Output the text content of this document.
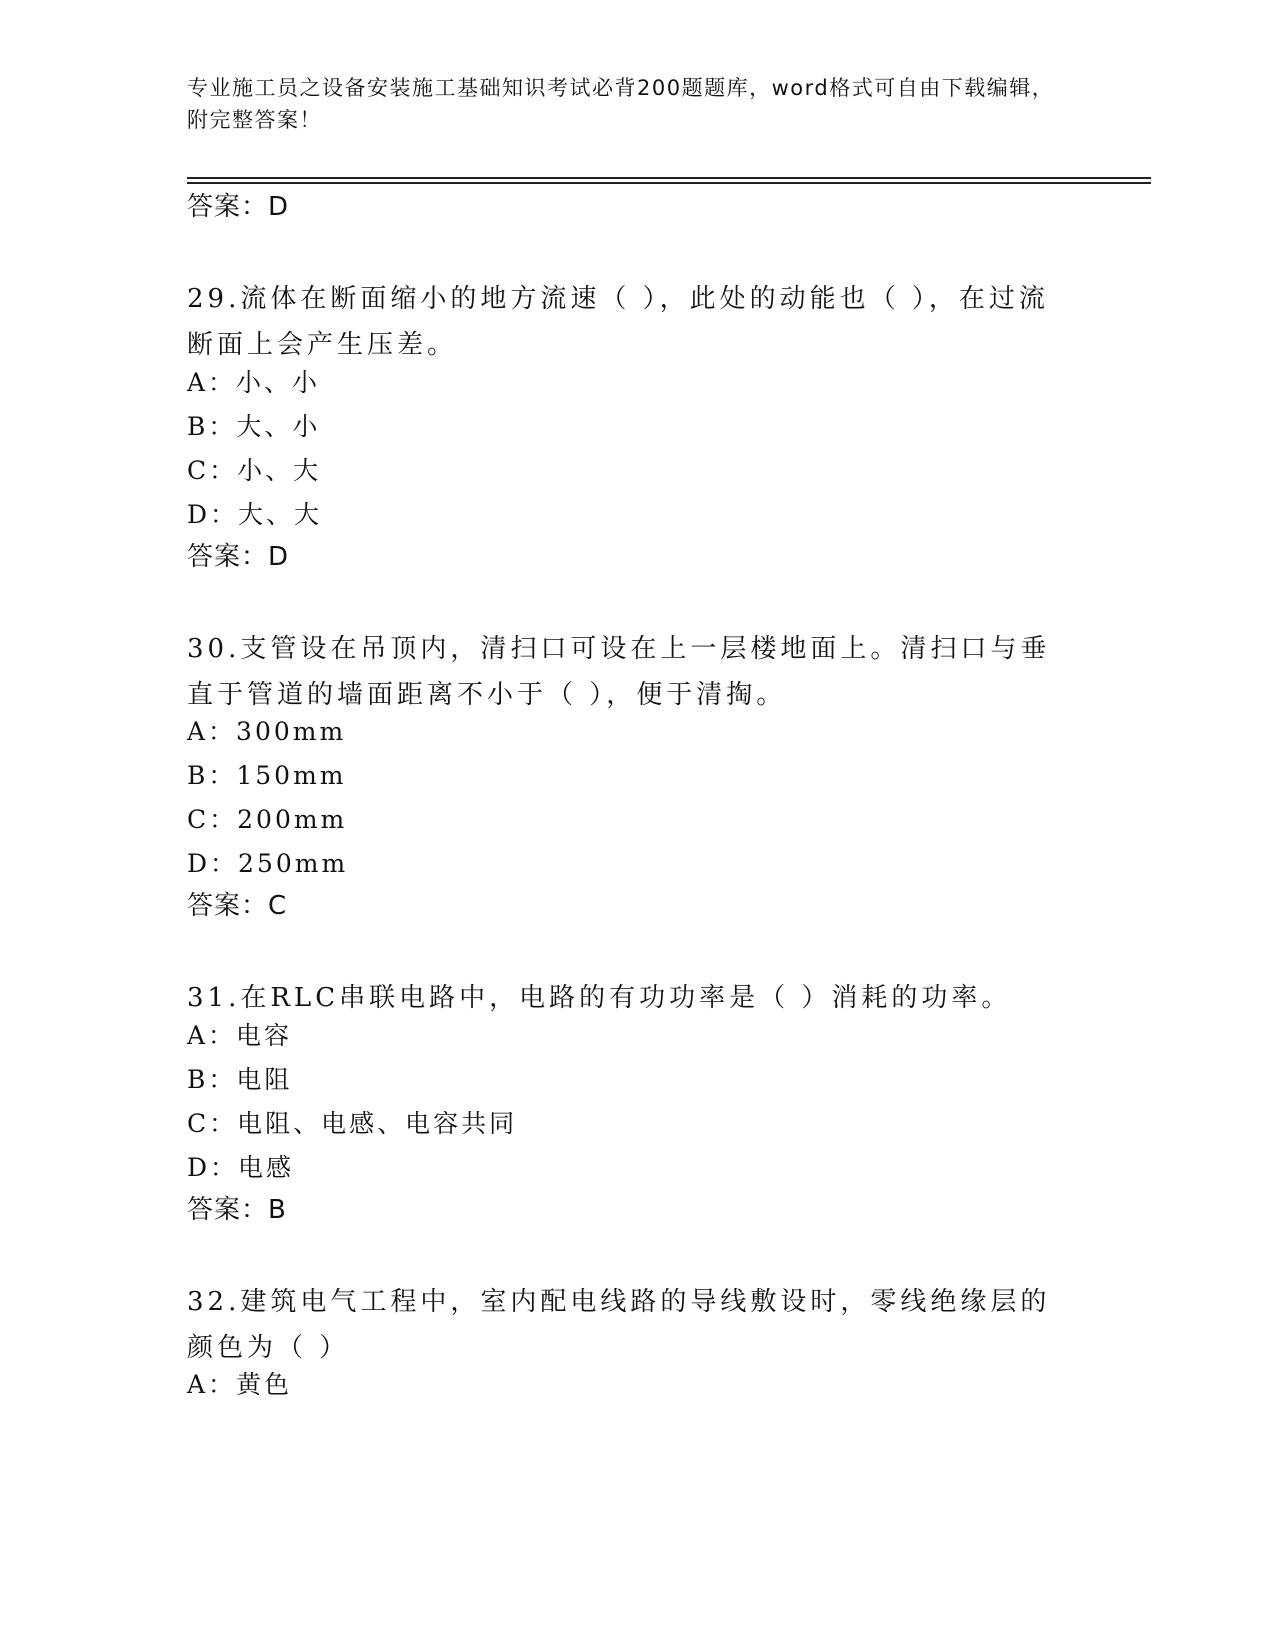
专业施工员之设备安装施工基础知识考试必背200题题库，word格式可自由下载编辑，附完整答案！
答案：D
29.流体在断面缩小的地方流速（ ），此处的动能也（ ），在过流断面上会产生压差。
A：小、小
B：大、小
C：小、大
D：大、大
答案：D
30.支管设在吊顶内，清扫口可设在上一层楼地面上。清扫口与垂直于管道的墙面距离不小于（ ），便于清掏。
A：300mm
B：150mm
C：200mm
D：250mm
答案：C
31.在RLC串联电路中，电路的有功功率是（ ）消耗的功率。
A：电容
B：电阻
C：电阻、电感、电容共同
D：电感
答案：B
32.建筑电气工程中，室内配电线路的导线敷设时，零线绝缘层的颜色为（ ）
A：黄色
